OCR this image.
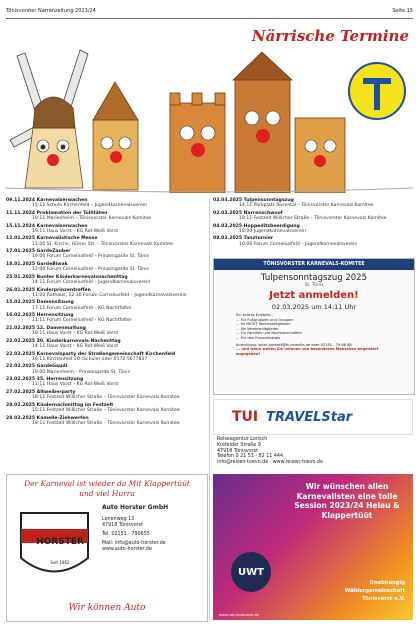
Tönisvorster Narrenzeitung 2023/24	Seite 15
Närrische Termine
09.11.2024 Karnevalserwachen
15:11 Schule Kirchenfeld – Jugendkarnevalsverein
11.11.2024 Proklamation der Tollitäten
19:11 Marienheim – Tönisvorster Karnevals Komitee
15.11.2024 Karnevalserwachen
19:11 Haus Vorst – KG Rot-Weiß Vorst
12.01.2025 Karnevalistische Messe
11:00 St. Kirche, Hülser Str. – Tönisvorster Karnevals Komitee
17.01.2025 GardeZauber
19:00 Forum Corneliusfeld – Prinzengarde St. Tönis
18.01.2025 GardeBiwak
12:00 Forum Corneliusfeld – Prinzengarde St. Tönis
25.01.2025 Bunter Kinderkarnevalsnachmittag
14:11 Forum Corneliusfeld – Jugendkarnevalsverein
26.01.2025 Kinderprinzentreffen
11:00 Rathaus, 12:30 Forum Corneliusfeld – Jugendkarnevalsverein
15.02.2025 Damensitzung
17:11 Forum Corneliusfeld – KG Nachtfalter
16.02.2025 Herrensitzung
11:11 Forum Corneliusfeld – KG Nachtfalter
21.02.2025 12. Damenmaltung
19:11 Haus Vorst – KG Rot-Weiß Vorst
22.02.2025 30. Kinderkarnevals-Nachmittag
14:11 Haus Vorst – KG Rot-Weiß Vorst
22.02.2025 Karnevalsparty der Straßengemeinschaft Kirchenfeld
16:11 Kirchenfeld 20 (Schule) oder 0172 5677837
22.02.2025 GardeGaudi
19:00 Marienheim – Prinzengarde St. Tönis
23.02.2025 35. Herrensitzung
11:11 Haus Vorst – KG Rot-Weiß Vorst
27.02.2025 Altweiberparty
18:11 Festzelt Willicher Straße – Tönisvorster Karnevals Komitee
28.02.2025 Kindernachmittag im Festzelt
15:11 Festzelt Willicher Straße – Tönisvorster Karnevals Komitee
28.02.2025 Kamelle-Ziehwerfen
19:11 Festzelt Willicher Straße – Tönisvorster Karnevals Komitee
02.03.2025 Tulpensonntagszug
14:11 Parkplatz Rosental – Tönisvorster Karnevals Komitee
02.03.2025 Narrenschwoof
18:11 Festzelt Willicher Straße – Tönisvorster Karnevals Komitee
04.03.2025 Hoppeditzbeerdigung
18:00 Jugendkarnevalsverein
08.03.2025 Tanzturnier
10:00 Forum Corneliusfeld – Jugendkarnevalsverein
TÖNISVORSTER KARNEVALS-KOMITEE
Tulpensonntagszug 2025
St. Tönis
Jetzt anmelden!
02.03.2025 um 14:11 Uhr
Ein echtes Erlebnis...
... Für Fußgruppen und Gruppen
... Im NICHT Vereinsmitglieder
... Als Vereinsmitglieder
... Für Familien und Nachbarschaften
... Für den Freundeskreis
Anmeldung unter kontakt@tk-kamelle.de oder 02151 - 79 66 88
... und wenn wollen Sie nehmen von besonderen Menschen begeistert zugegeben?
TUI TRAVELStar
Reiseagentur Lorisch
Krefelder Straße 9
47918 Tönisvorst
Telefon 0 21 51 - 82 11 444
info@reisen-toevo.de · www.reisen-toevo.de
Der Karneval ist wieder da Mit Klappertüüt und viel Hurra
Auto Horster GmbH
Lenenweg 13
47918 Tönisvorst
Tel. 02151 - 790655
Mail: info@auto-horster.de
www.auto-horster.de
HORSTER
AUTOSERVICE
Seit 1962
Wir können Auto
Wir wünschen allen Karnevalisten eine tolle Session 2023/24 Helau & Klappertüüt
UWT
Unabhängig Wählergemeinschaft Tönisvorst e.V.
www.uwt-tonisvorst.de
